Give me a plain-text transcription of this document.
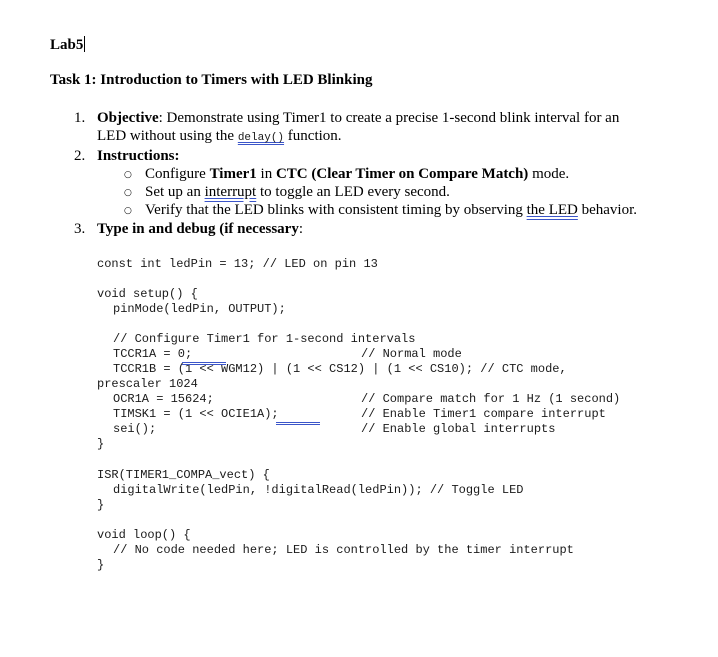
Lab5
Task 1: Introduction to Timers with LED Blinking
1. Objective: Demonstrate using Timer1 to create a precise 1-second blink interval for an
LED without using the delay() function.
2. Instructions:
○ Configure Timer1 in CTC (Clear Timer on Compare Match) mode.
○ Set up an interrupt to toggle an LED every second.
○ Verify that the LED blinks with consistent timing by observing the LED behavior.
3. Type in and debug (if necessary:
const int ledPin = 13; // LED on pin 13
void setup() {
pinMode(ledPin, OUTPUT);
// Configure Timer1 for 1-second intervals
TCCR1A = 0;	// Normal mode
TCCR1B = (1 << WGM12) | (1 << CS12) | (1 << CS10); // CTC mode,
prescaler 1024
OCR1A = 15624;	// Compare match for 1 Hz (1 second)
TIMSK1 = (1 << OCIE1A);	// Enable Timer1 compare interrupt
sei();	// Enable global interrupts
}
ISR(TIMER1_COMPA_vect) {
digitalWrite(ledPin, !digitalRead(ledPin)); // Toggle LED
}
void loop() {
// No code needed here; LED is controlled by the timer interrupt
}
